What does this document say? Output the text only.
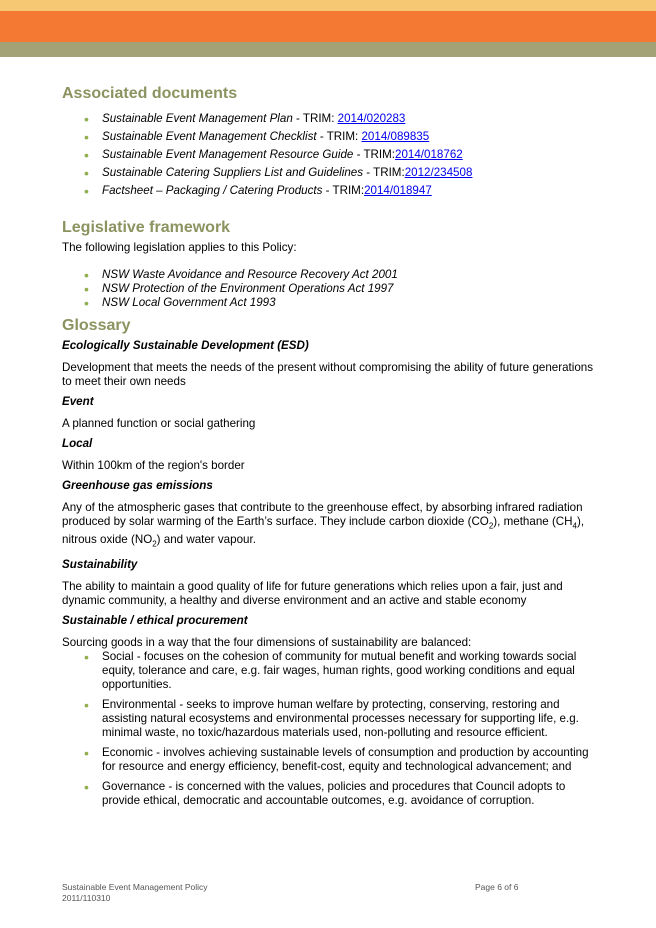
Associated documents
• Sustainable Event Management Plan - TRIM: 2014/020283
• Sustainable Event Management Checklist - TRIM: 2014/089835
• Sustainable Event Management Resource Guide - TRIM:2014/018762
• Sustainable Catering Suppliers List and Guidelines - TRIM:2012/234508
• Factsheet – Packaging / Catering Products - TRIM:2014/018947
Legislative framework

The following legislation applies to this Policy:

• NSW Waste Avoidance and Resource Recovery Act 2001
• NSW Protection of the Environment Operations Act 1997
• NSW Local Government Act 1993
Glossary

Ecologically Sustainable Development (ESD)

Development that meets the needs of the present without compromising the ability of future generations to meet their own needs

Event

A planned function or social gathering

Local

Within 100km of the region's border

Greenhouse gas emissions

Any of the atmospheric gases that contribute to the greenhouse effect, by absorbing infrared radiation produced by solar warming of the Earth’s surface. They include carbon dioxide $(CO_2)$, methane $(CH_4)$, nitrous oxide $(NO_2)$ and water vapour.

Sustainability

The ability to maintain a good quality of life for future generations which relies upon a fair, just and dynamic community, a healthy and diverse environment and an active and stable economy

Sustainable / ethical procurement

Sourcing goods in a way that the four dimensions of sustainability are balanced:

• Social - focuses on the cohesion of community for mutual benefit and working towards social equity, tolerance and care, e.g. fair wages, human rights, good working conditions and equal opportunities.
• Environmental - seeks to improve human welfare by protecting, conserving, restoring and assisting natural ecosystems and environmental processes necessary for supporting life, e.g. minimal waste, no toxic/hazardous materials used, non-polluting and resource efficient.
• Economic - involves achieving sustainable levels of consumption and production by accounting for resource and energy efficiency, benefit-cost, equity and technological advancement; and
• Governance - is concerned with the values, policies and procedures that Council adopts to provide ethical, democratic and accountable outcomes, e.g. avoidance of corruption.
Sustainable Event Management Policy
2011/110310
Page 6 of 6
